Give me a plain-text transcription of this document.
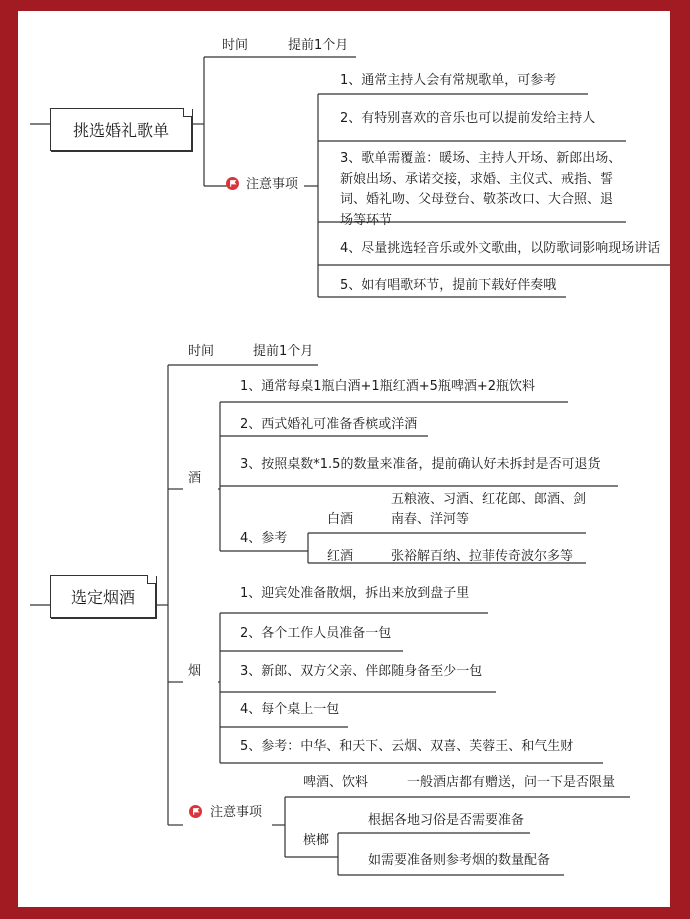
挑选婚礼歌单
时间	提前1个月
注意事项
1、通常主持人会有常规歌单，可参考
2、有特别喜欢的音乐也可以提前发给主持人
3、歌单需覆盖：暖场、主持人开场、新郎出场、新娘出场、承诺交接，求婚、主仪式、戒指、誓词、婚礼吻、父母登台、敬茶改口、大合照、退场等环节
4、尽量挑选轻音乐或外文歌曲，以防歌词影响现场讲话
5、如有唱歌环节，提前下载好伴奏哦
选定烟酒
时间	提前1个月
酒
1、通常每桌1瓶白酒+1瓶红酒+5瓶啤酒+2瓶饮料
2、西式婚礼可准备香槟或洋酒
3、按照桌数*1.5的数量来准备，提前确认好未拆封是否可退货
4、参考
白酒
五粮液、习酒、红花郎、郎酒、剑南春、洋河等
红酒	张裕解百纳、拉菲传奇波尔多等
烟
1、迎宾处准备散烟，拆出来放到盘子里
2、各个工作人员准备一包
3、新郎、双方父亲、伴郎随身备至少一包
4、每个桌上一包
5、参考：中华、和天下、云烟、双喜、芙蓉王、和气生财
注意事项
啤酒、饮料	一般酒店都有赠送，问一下是否限量
槟榔
根据各地习俗是否需要准备
如需要准备则参考烟的数量配备
